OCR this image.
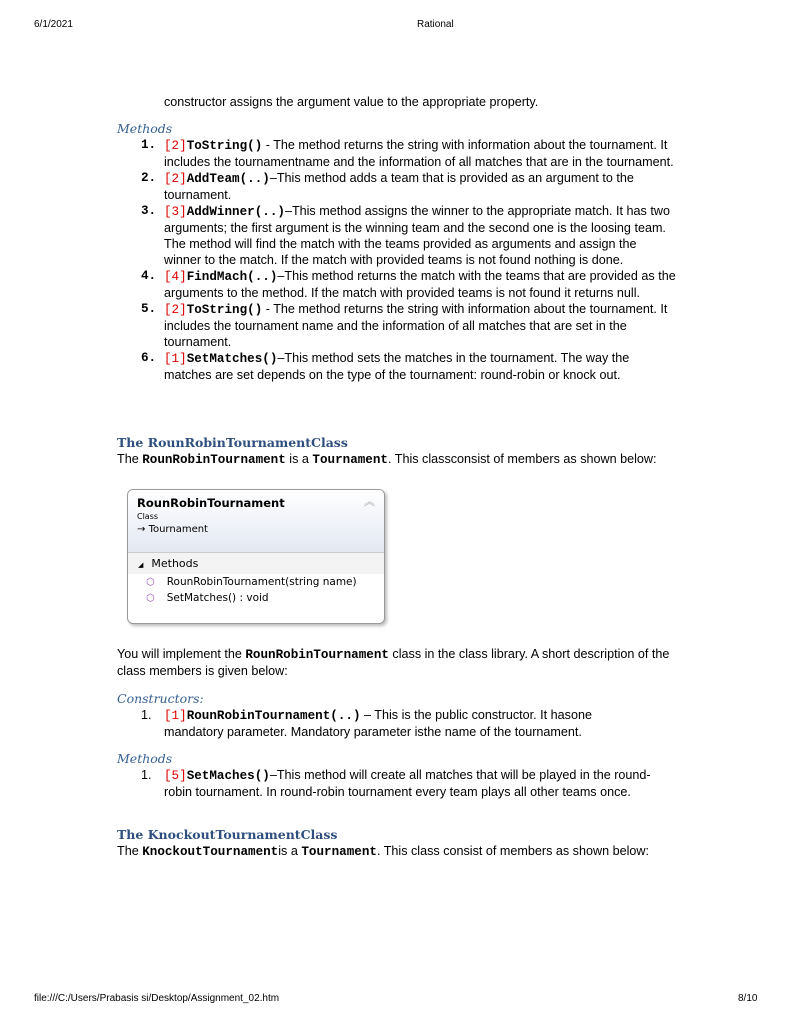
6/1/2021	Rational
constructor assigns the argument value to the appropriate property.
Methods
1. [2]ToString() - The method returns the string with information about the tournament. It includes the tournamentname and the information of all matches that are in the tournament.
2. [2]AddTeam(..)–This method adds a team that is provided as an argument to the tournament.
3. [3]AddWinner(..)–This method assigns the winner to the appropriate match. It has two arguments; the first argument is the winning team and the second one is the loosing team. The method will find the match with the teams provided as arguments and assign the winner to the match. If the match with provided teams is not found nothing is done.
4. [4]FindMach(..)–This method returns the match with the teams that are provided as the arguments to the method. If the match with provided teams is not found it returns null.
5. [2]ToString() - The method returns the string with information about the tournament. It includes the tournament name and the information of all matches that are set in the tournament.
6. [1]SetMatches()–This method sets the matches in the tournament. The way the matches are set depends on the type of the tournament: round-robin or knock out.
The RounRobinTournamentClass
The RounRobinTournament is a Tournament. This classconsist of members as shown below:
RounRobinTournament
Class
→ Tournament
︽
◢ Methods
⬡ RounRobinTournament(string name)
⬡ SetMatches() : void
You will implement the RounRobinTournament class in the class library. A short description of the class members is given below:
Constructors:
1. [1]RounRobinTournament(..) – This is the public constructor. It hasone mandatory parameter. Mandatory parameter isthe name of the tournament.
Methods
1. [5]SetMaches()–This method will create all matches that will be played in the round-robin tournament. In round-robin tournament every team plays all other teams once.
The KnockoutTournamentClass
The KnockoutTournamentis a Tournament. This class consist of members as shown below:
file:///C:/Users/Prabasis si/Desktop/Assignment_02.htm	8/10
